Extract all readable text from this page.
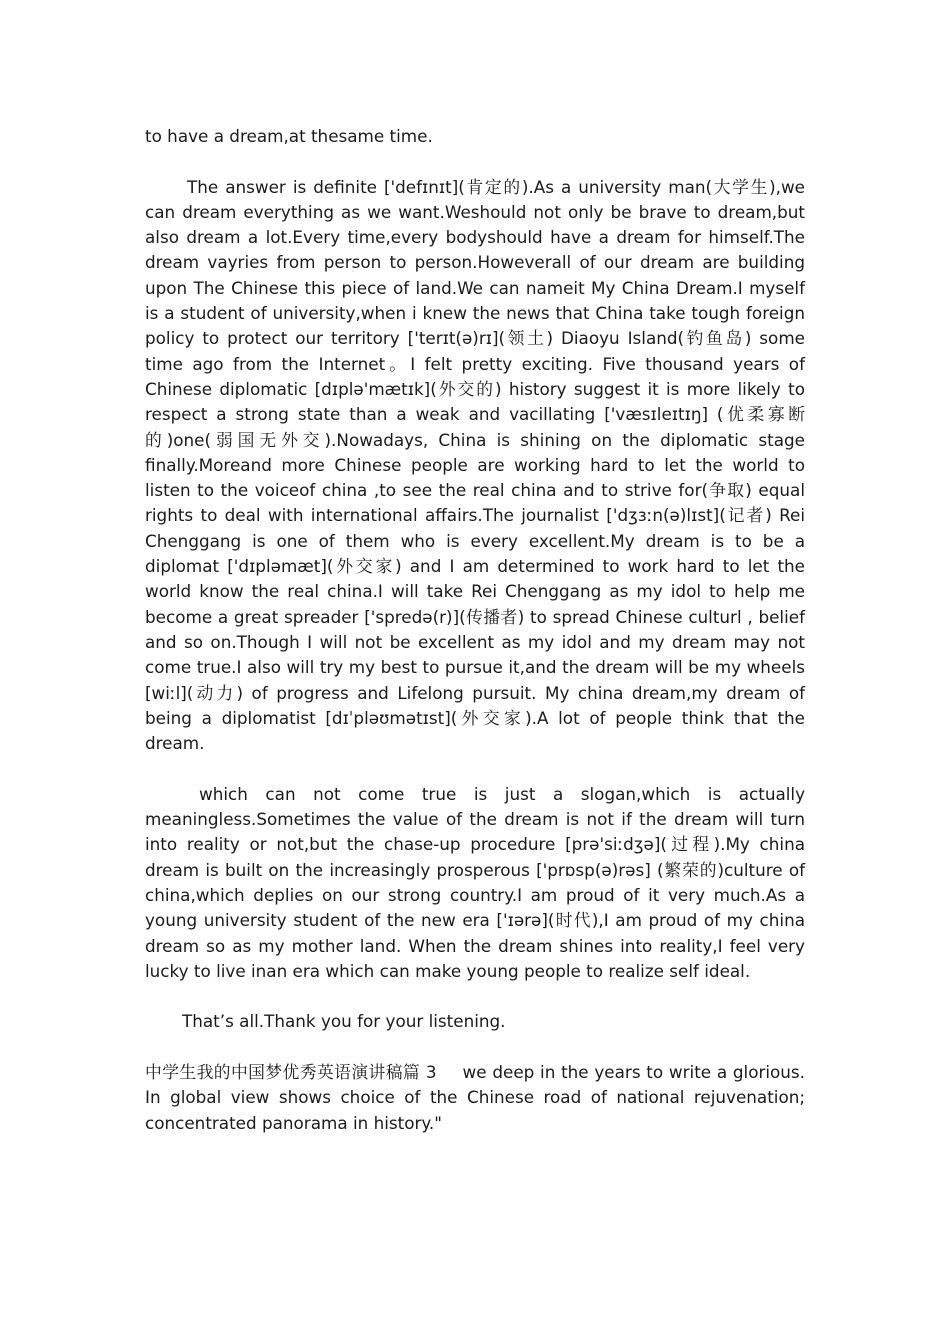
to have a dream,at thesame time.

The answer is definite ['defɪnɪt](肯定的).As a university man(大学生),we can dream everything as we want.Weshould not only be brave to dream,but also dream a lot.Every time,every bodyshould have a dream for himself.The dream vayries from person to person.Howeverall of our dream are building upon The Chinese this piece of land.We can nameit My China Dream.I myself is a student of university,when i knew the news that China take tough foreign policy to protect our territory ['terɪt(ə)rɪ](领土) Diaoyu Island(钓鱼岛) some time ago from the Internet。I felt pretty exciting. Five thousand years of Chinese diplomatic [dɪplə'mætɪk](外交的) history suggest it is more likely to respect a strong state than a weak and vacillating ['væsɪleɪtɪŋ] (优柔寡断的)one(弱国无外交).Nowadays, China is shining on the diplomatic stage finally.Moreand more Chinese people are working hard to let the world to listen to the voiceof china ,to see the real china and to strive for(争取) equal rights to deal with international affairs.The journalist ['dʒɜːn(ə)lɪst](记者) Rei Chenggang is one of them who is every excellent.My dream is to be a diplomat ['dɪpləmæt](外交家) and I am determined to work hard to let the world know the real china.I will take Rei Chenggang as my idol to help me become a great spreader ['spredə(r)](传播者) to spread Chinese culturl , belief and so on.Though I will not be excellent as my idol and my dream may not come true.I also will try my best to pursue it,and the dream will be my wheels [wiːl](动力) of progress and Lifelong pursuit. My china dream,my dream of being a diplomatist [dɪˈpləʊmətɪst](外交家).A lot of people think that the dream.

which can not come true is just a slogan,which is actually meaningless.Sometimes the value of the dream is not if the dream will turn into reality or not,but the chase-up procedure [prə'siːdʒə](过程).My china dream is built on the increasingly prosperous ['prɒsp(ə)rəs] (繁荣的)culture of china,which deplies on our strong country.I am proud of it very much.As a young university student of the new era ['ɪərə](时代),I am proud of my china dream so as my mother land. When the dream shines into reality,I feel very lucky to live inan era which can make young people to realize self ideal.

That’s all.Thank you for your listening.

中学生我的中国梦优秀英语演讲稿篇 3 we deep in the years to write a glorious. In global view shows choice of the Chinese road of national rejuvenation; concentrated panorama in history."
